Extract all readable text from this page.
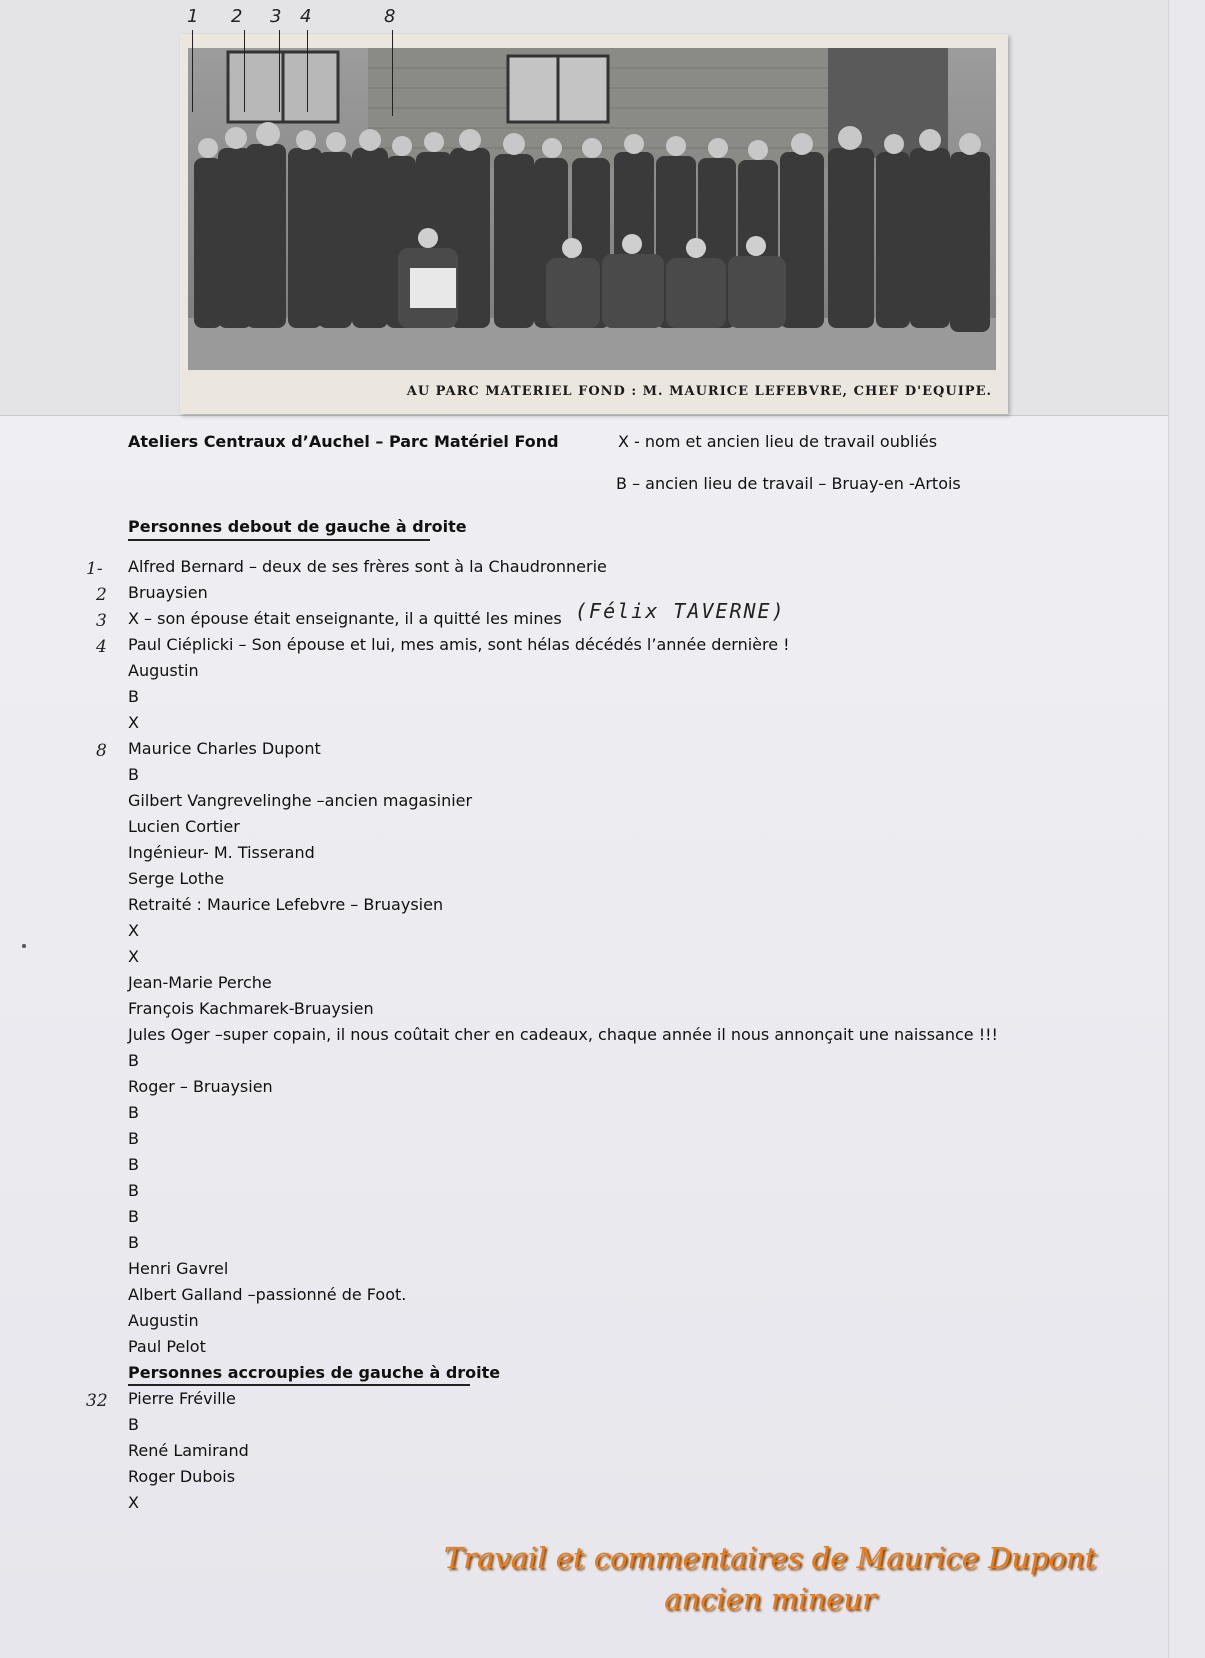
AU PARC MATERIEL FOND : M. MAURICE LEFEBVRE, CHEF D'EQUIPE.
1 2 3 4	8
Ateliers Centraux d’Auchel – Parc Matériel Fond	X - nom et ancien lieu de travail oubliés
B – ancien lieu de travail – Bruay-en -Artois
Personnes debout de gauche à droite
(Félix TAVERNE)
Alfred Bernard – deux de ses frères sont à la Chaudronnerie
1-
Bruaysien
2
X – son épouse était enseignante, il a quitté les mines
3
Paul Ciéplicki – Son épouse et lui, mes amis, sont hélas décédés l’année dernière !
4
Augustin
B
X
Maurice Charles Dupont
8
B
Gilbert Vangrevelinghe –ancien magasinier
Lucien Cortier
Ingénieur- M. Tisserand
Serge Lothe
Retraité : Maurice Lefebvre – Bruaysien
X
X
Jean-Marie Perche
François Kachmarek-Bruaysien
Jules Oger –super copain, il nous coûtait cher en cadeaux, chaque année il nous annonçait une naissance !!!
B
Roger – Bruaysien
B
B
B
B
B
B
Henri Gavrel
Albert Galland –passionné de Foot.
Augustin
Paul Pelot
Personnes accroupies de gauche à droite
Pierre Fréville
32
B
René Lamirand
Roger Dubois
X
Travail et commentaires de Maurice Dupont
ancien mineur
